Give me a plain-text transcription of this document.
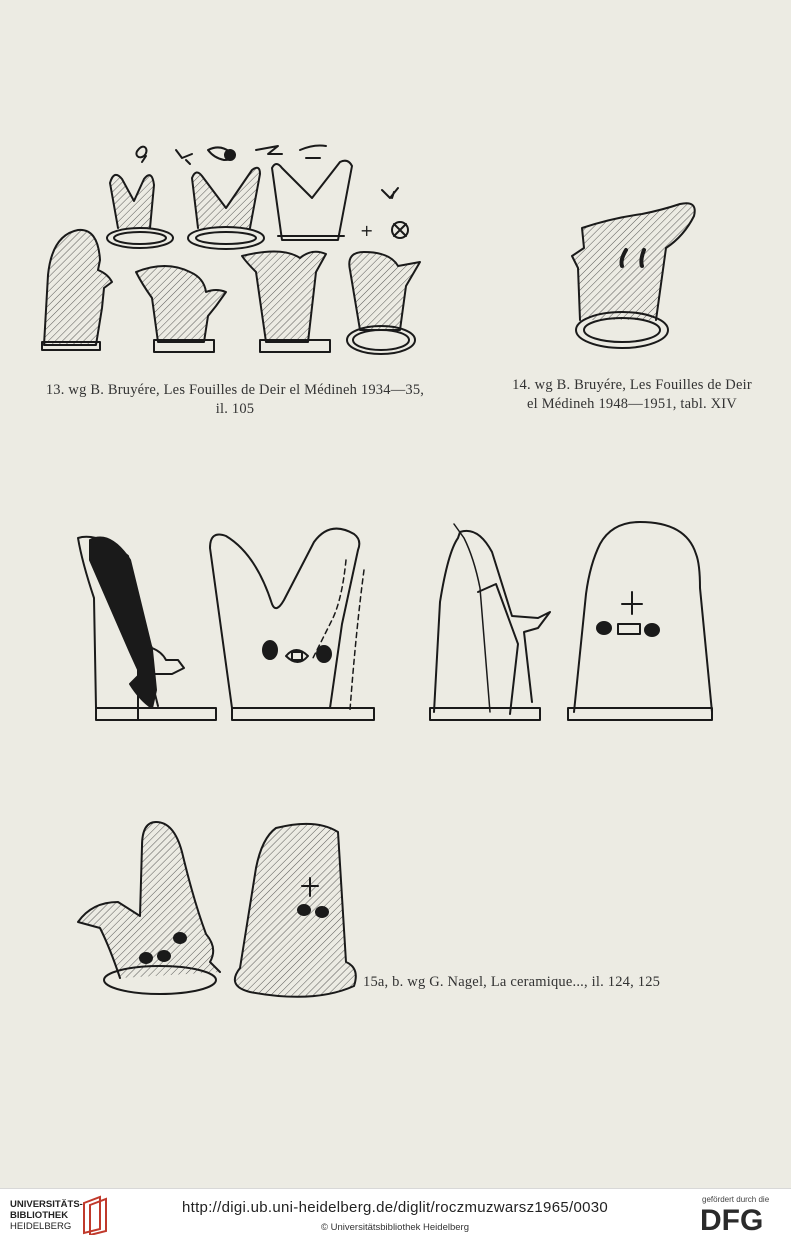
+
13. wg B. Bruyére, Les Fouilles de Deir el Médineh 1934—35,
il. 105
14. wg B. Bruyére, Les Fouilles de Deir
el Médineh 1948—1951, tabl. XIV
15a, b. wg G. Nagel, La ceramique..., il. 124, 125
UNIVERSITÄTS-
BIBLIOTHEK
HEIDELBERG
http://digi.ub.uni-heidelberg.de/diglit/roczmuzwarsz1965/0030
© Universitätsbibliothek Heidelberg
gefördert durch die
DFG
